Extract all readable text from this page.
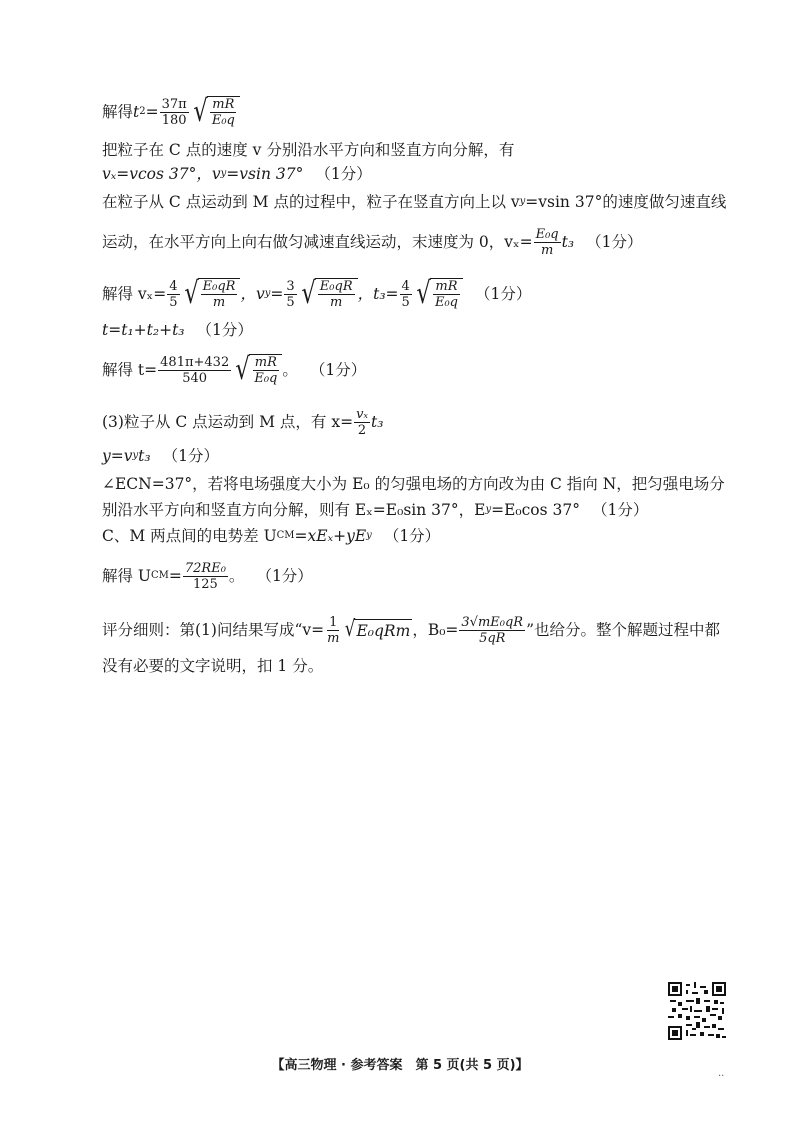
解得 t $2 = \frac{37\pi}{180}$ √ $\frac{mR}{\text{E₀q}}$
把粒子在 C 点的速度 v 分别沿水平方向和竖直方向分解，有
vₓ=vcos 37°，v y =vsin 37° （1分）
在粒子从 C 点运动到 M 点的过程中，粒子在竖直方向上以 v y =vsin 37°的速度做匀速直线
运动，在水平方向上向右做匀减速直线运动，末速度为 0，$v_x= \frac{\text{E₀q}}{m} t_3$ （1分）
解得 $v_x= \frac{4}{5}$ √ $\frac{\text{E₀qR}}{m}$ ，v $y = \frac{3}{5}$ √ $\frac{\text{E₀qR}}{m}$ ，$t_3= \frac{4}{5}$ √ $\frac{mR}{\text{E₀q}} (1$分）
t=t₁+t₂+t₃ （1分）
解得 $t= \frac{481\pi+432}{540}$ √ $\frac{mR}{\text{E₀q}}$ 。 （1分）
(3)粒子从 C 点运动到 M 点，有 $x= \frac{\text{vₓ}}{2} t_3$
y=v y t₃ （1分）
∠ECN=37°，若将电场强度大小为 E₀ 的匀强电场的方向改为由 C 指向 N，把匀强电场分
别沿水平方向和竖直方向分解，则有 Eₓ=E₀sin 37°，E y =E₀cos 37° （1分）
C、M 两点间的电势差 U CM =xEₓ+yE y （1分）
解得 U CM = $\frac{\text{72RE₀}}{125}$ 。 （1分）
评分细则：第(1)问结果写成“$v= \frac{1}{m}$ √ E₀qRm ，$B_0= \frac{\text{3√mE₀qR}}{5qR}$ ”也给分。整个解题过程中都
没有必要的文字说明，扣 1 分。
【高三物理 · 参考答案　第 5 页(共 5 页)】
..
